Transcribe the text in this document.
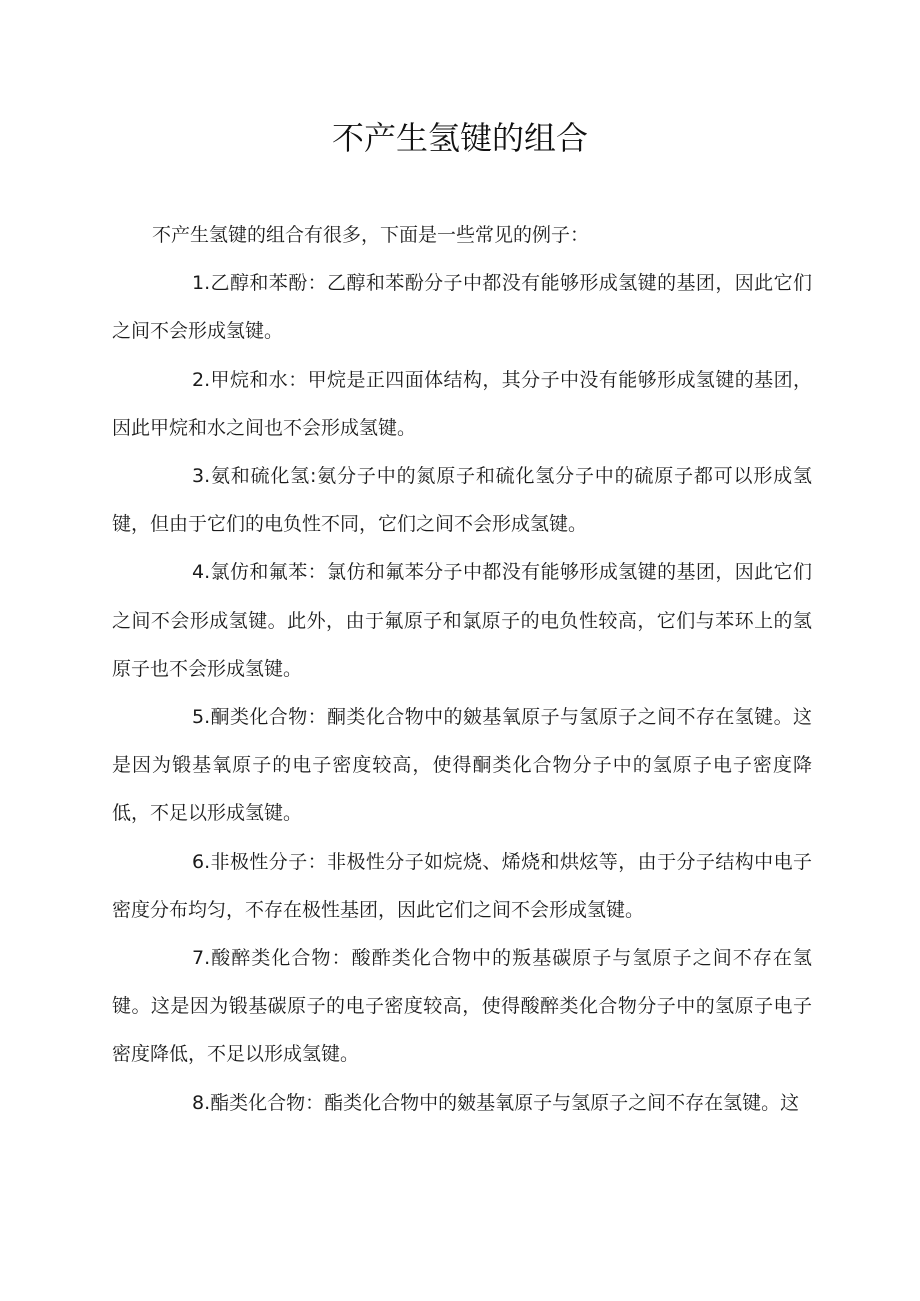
不产生氢键的组合

不产生氢键的组合有很多，下面是一些常见的例子：

1.乙醇和苯酚：乙醇和苯酚分子中都没有能够形成氢键的基团，因此它们之间不会形成氢键。

2.甲烷和水：甲烷是正四面体结构，其分子中没有能够形成氢键的基团，因此甲烷和水之间也不会形成氢键。

3.氨和硫化氢:氨分子中的氮原子和硫化氢分子中的硫原子都可以形成氢键，但由于它们的电负性不同，它们之间不会形成氢键。

4.氯仿和氟苯：氯仿和氟苯分子中都没有能够形成氢键的基团，因此它们之间不会形成氢键。此外，由于氟原子和氯原子的电负性较高，它们与苯环上的氢原子也不会形成氢键。

5.酮类化合物：酮类化合物中的皴基氧原子与氢原子之间不存在氢键。这是因为锻基氧原子的电子密度较高，使得酮类化合物分子中的氢原子电子密度降低，不足以形成氢键。

6.非极性分子：非极性分子如烷烧、烯烧和烘炫等，由于分子结构中电子密度分布均匀，不存在极性基团，因此它们之间不会形成氢键。

7.酸醉类化合物：酸酢类化合物中的叛基碳原子与氢原子之间不存在氢键。这是因为锻基碳原子的电子密度较高，使得酸醉类化合物分子中的氢原子电子密度降低，不足以形成氢键。

8.酯类化合物：酯类化合物中的皴基氧原子与氢原子之间不存在氢键。这
